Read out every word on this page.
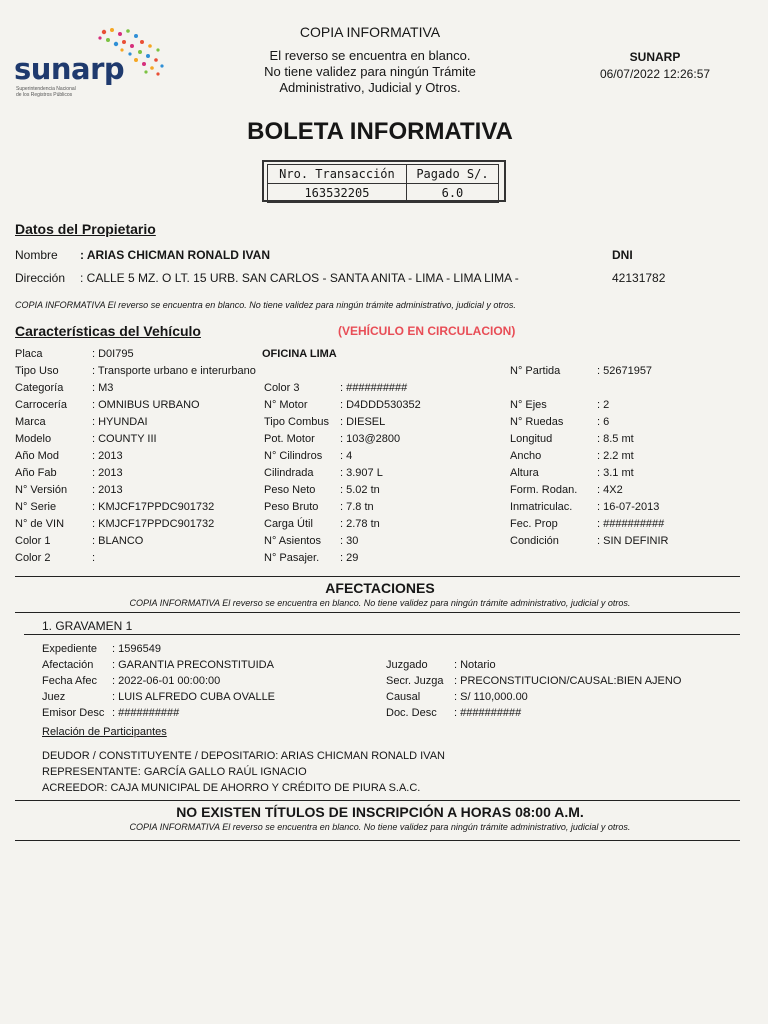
sunarp
Superintendencia Nacional
de los Registros Públicos
COPIA INFORMATIVA
El reverso se encuentra en blanco.
No tiene validez para ningún Trámite
Administrativo, Judicial y Otros.
SUNARP
06/07/2022 12:26:57
BOLETA INFORMATIVA
Nro. Transacción	Pagado S/.
163532205	6.0
Datos del Propietario
Nombre : ARIAS CHICMAN RONALD IVAN	DNI
Dirección : CALLE 5 MZ. O LT. 15 URB. SAN CARLOS - SANTA ANITA - LIMA - LIMA LIMA -	42131782
COPIA INFORMATIVA El reverso se encuentra en blanco. No tiene validez para ningún trámite administrativo, judicial y otros.
Características del Vehículo	(VEHÍCULO EN CIRCULACION)
OFICINA LIMA
Placa	: D0I795
Tipo Uso	: Transporte urbano e interurbano
Categoría	: M3
Carrocería : OMNIBUS URBANO
Marca	: HYUNDAI
Modelo	: COUNTY III
Año Mod	: 2013
Año Fab	: 2013
N° Versión : 2013
N° Serie	: KMJCF17PPDC901732
N° de VIN	: KMJCF17PPDC901732
Color 1	: BLANCO
Color 2	:
Color 3	: ##########
N° Motor	: D4DDD530352
Tipo Combus : DIESEL
Pot. Motor : 103@2800
N° Cilindros : 4
Cilindrada : 3.907 L
Peso Neto : 5.02 tn
Peso Bruto : 7.8 tn
Carga Útil : 2.78 tn
N° Asientos : 30
N° Pasajer. : 29
N° Partida	: 52671957
N° Ejes	: 2
N° Ruedas	: 6
Longitud	: 8.5 mt
Ancho	: 2.2 mt
Altura	: 3.1 mt
Form. Rodan. : 4X2
Inmatriculac. : 16-07-2013
Fec. Prop	: ##########
Condición	: SIN DEFINIR
AFECTACIONES
COPIA INFORMATIVA El reverso se encuentra en blanco. No tiene validez para ningún trámite administrativo, judicial y otros.
1. GRAVAMEN 1
Expediente : 1596549
Afectación : GARANTIA PRECONSTITUIDA
Fecha Afec : 2022-06-01 00:00:00
Juez	: LUIS ALFREDO CUBA OVALLE
Emisor Desc : ##########
Juzgado : Notario
Secr. Juzga : PRECONSTITUCION/CAUSAL:BIEN AJENO
Causal	: S/ 110,000.00
Doc. Desc : ##########
Relación de Participantes
DEUDOR / CONSTITUYENTE / DEPOSITARIO: ARIAS CHICMAN RONALD IVAN
REPRESENTANTE: GARCÍA GALLO RAÚL IGNACIO
ACREEDOR: CAJA MUNICIPAL DE AHORRO Y CRÉDITO DE PIURA S.A.C.
NO EXISTEN TÍTULOS DE INSCRIPCIÓN A HORAS 08:00 A.M.
COPIA INFORMATIVA El reverso se encuentra en blanco. No tiene validez para ningún trámite administrativo, judicial y otros.
